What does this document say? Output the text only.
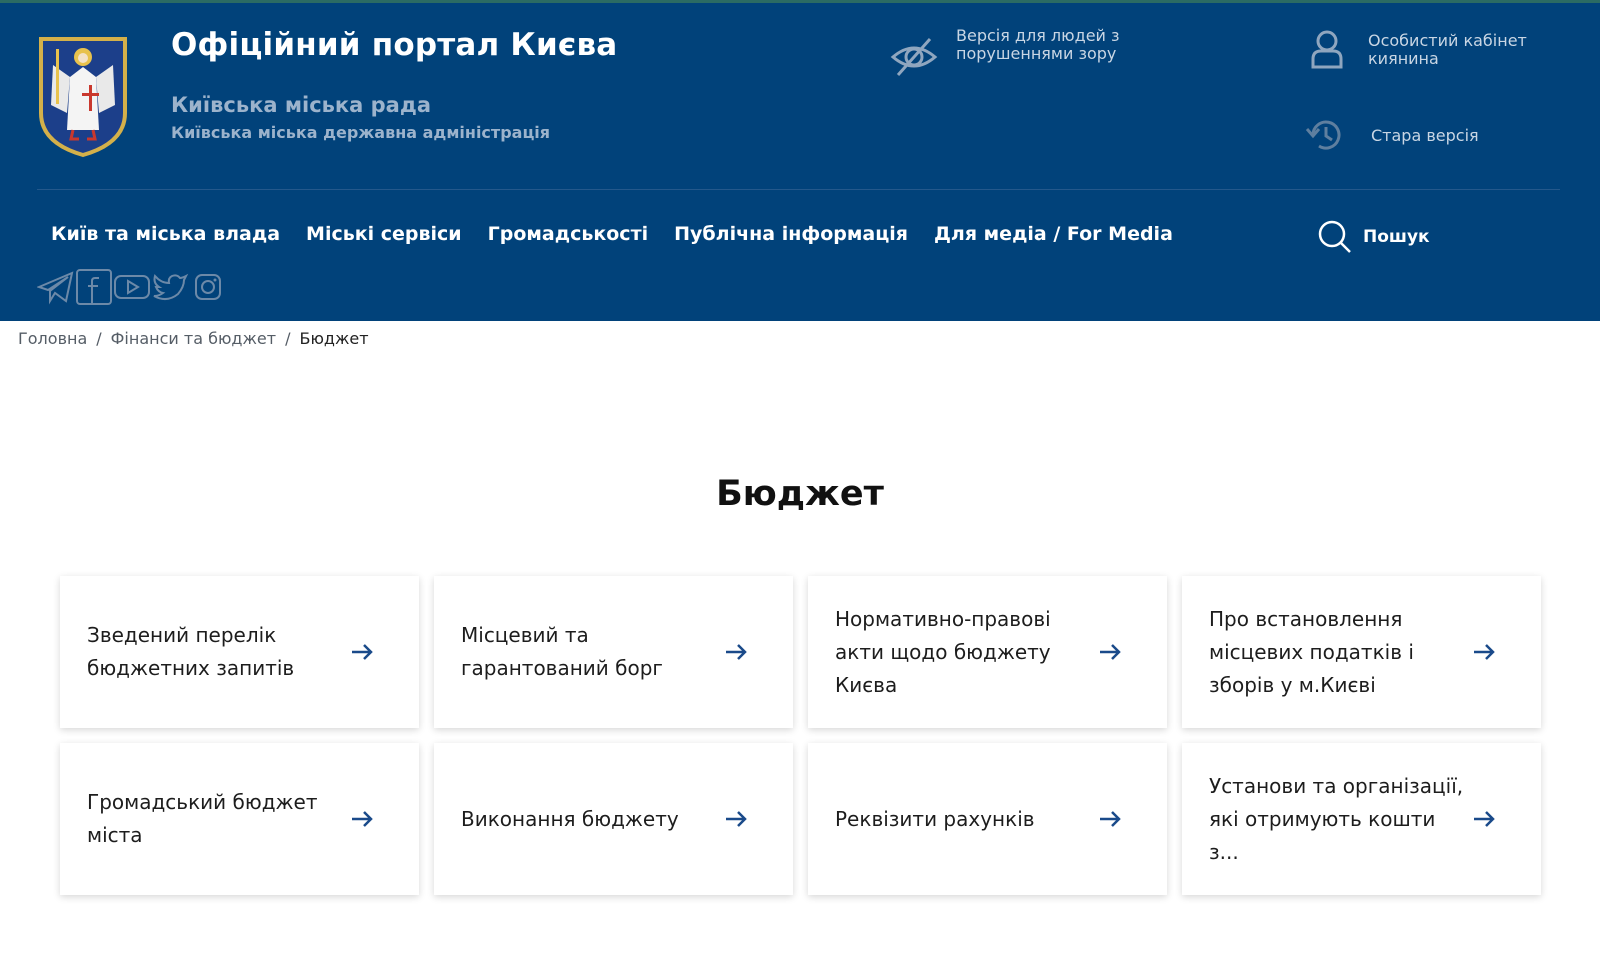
Офіційний портал Києва
Київська міська рада
Київська міська державна адміністрація
Версія для людей з порушеннями зору
Особистий кабінет киянина
Стара версія
Київ та міська влада Міські сервіси Громадськості Публічна інформація Для медіа / For Media	Пошук
Головна / Фінанси та бюджет / Бюджет
Бюджет
Зведений перелік бюджетних запитів
Місцевий та гарантований борг
Нормативно-правові акти щодо бюджету Києва
Про встановлення місцевих податків і зборів у м.Києві
Громадський бюджет міста
Виконання бюджету	Реквізити рахунків
Установи та організації, які отримують кошти з...
